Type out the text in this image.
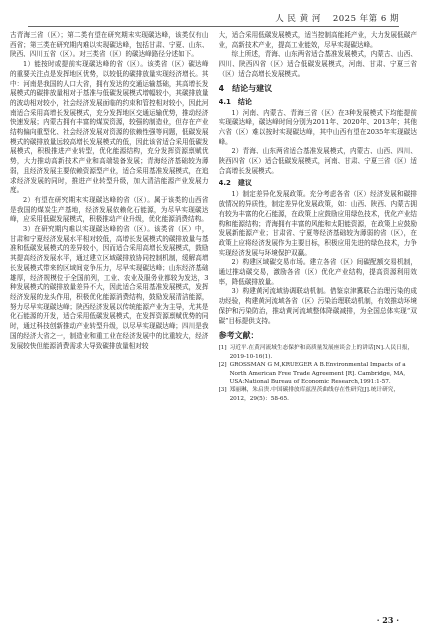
人 民 黄 河 2025 年第 6 期

古青海三省（区）；第二类有望在研究期末实现碳达峰，该类仅有山西省；第三类在研究期内难以实现碳达峰，包括甘肃、宁夏、山东、陕西、四川五省（区）。对三类省（区）的碳达峰路径分述如下。

1）能按时或提前实现碳达峰的省（区）。该类省（区）碳达峰的重要关注点是发挥地区优势，以较低的碳排放量实现经济增长。其中：河南是我国的人口大省，拥有发达的交通运输基础，其高增长发展模式的碳排放量相对于基准与低碳发展模式增幅较小，其碳排放量的波动相对较小，社会经济发展面临的约束和管控相对较小，因此河南适合采用高增长发展模式，充分发挥地区交通运输优势，推动经济快速发展；内蒙古拥有丰富的煤炭资源，较强的制造业，但存在产业结构偏向重型化、社会经济发展对资源的依赖性强等问题，低碳发展模式的碳排放量远较高增长发展模式的低，因此该省适合采用低碳发展模式，积极推进产业转型，优化能源结构，充分发挥资源禀赋优势，大力推动高新技术产业和高端装备发展；青海经济基础较为薄弱，且经济发展主要依赖资源型产业，适合采用基准发展模式，在追求经济发展的同时，推进产业转型升级，加大清洁能源产业发展力度。

2）有望在研究期末实现碳达峰的省（区）。属于该类的山西省是我国的煤炭生产基地，经济发展依赖化石能源，为尽早实现碳达峰，应采用低碳发展模式，积极推动产业升级，优化能源消费结构。

3）在研究期内难以实现碳达峰的省（区）。该类省（区）中，甘肃和宁夏经济发展水平相对较低，高增长发展模式的碳排放量与基准和低碳发展模式的差异较小，因而适合采用高增长发展模式，鼓励其提高经济发展水平，通过建立区域碳排放协同控制机制，缓解高增长发展模式带来的区域间竞争压力，尽早实现碳达峰；山东经济基础雄厚，经济规模位于全国前列，工业、农业及服务业都较为发达，3种发展模式的碳排放量差异不大，因此适合采用基准发展模式，发挥经济发展的龙头作用，积极优化能源消费结构，鼓励发展清洁能源，努力尽早实现碳达峰；陕西经济发展以传统能源产业为主导，尤其是化石能源的开发，适合采用低碳发展模式，在发挥资源禀赋优势的同时，通过科技创新推动产业转型升级，以尽早实现碳达峰；四川是我国的经济大省之一，制造业和重工业在经济发展中的比重较大，经济发展较快但能源消费需求大导致碳排放量相对较

大，适合采用低碳发展模式，适当控制高能耗产业，大力发展低碳产业，高新技术产业，提高工业能效，尽早实现碳达峰。

综上所述，青海、山东两省适合基准发展模式，内蒙古、山西、四川、陕西四省（区）适合低碳发展模式，河南、甘肃、宁夏三省（区）适合高增长发展模式。

4　结论与建议
4.1　结论

1）河南、内蒙古、青海三省（区）在3种发展模式下均能提前实现碳达峰，碳达峰时间分别为2011年、2020年、2013年；其他六省（区）难以按时实现碳达峰，其中山西有望在2035年实现碳达峰。

2）青海、山东两省适合基准发展模式，内蒙古、山西、四川、陕西四省（区）适合低碳发展模式，河南、甘肃、宁夏三省（区）适合高增长发展模式。

4.2　建议

1）制定差异化发展政策。充分考虑各省（区）经济发展和碳排放情况的异质性，制定差异化发展政策，如：山西、陕西、内蒙古拥有较为丰富的化石能源，在政策上应鼓励应用绿色技术，优化产业结构和能源结构；青海拥有丰富的风能和太阳能资源，在政策上应鼓励发展新能源产业；甘肃省、宁夏等经济基础较为薄弱的省（区），在政策上应将经济发展作为主要目标，积极应用先进的绿色技术，力争实现经济发展与环境保护双赢。

2）构建区域碳交易市场。建立各省（区）间碳配额交易机制，通过推动碳交易，激励各省（区）优化产业结构，提高资源利用效率，降低碳排放量。

3）构建黄河流域协调联动机制。借鉴京津冀联合治理污染的成功经验，构建黄河流域各省（区）污染治理联动机制，有效推动环境保护和污染防治，推动黄河流域整体降碳减排，为全国总体实现“双碳”目标提供支持。

参考文献：
[1] 习近平.在黄河流域生态保护和高质量发展座谈会上的讲话[N].人民日报，2019-10-16(1).
[2] GROSSMAN G M,KRUEGER A B.Environmental Impacts of a North American Free Trade Agreement [R]. Cambridge, MA, USA:National Bureau of Economic Research,1991:1-57.
[3] 郑丽琳，朱启贵.中国碳排放库兹涅茨曲线存在性研究[J].统计研究，2012，29(5)：58-65.
· 23 ·
